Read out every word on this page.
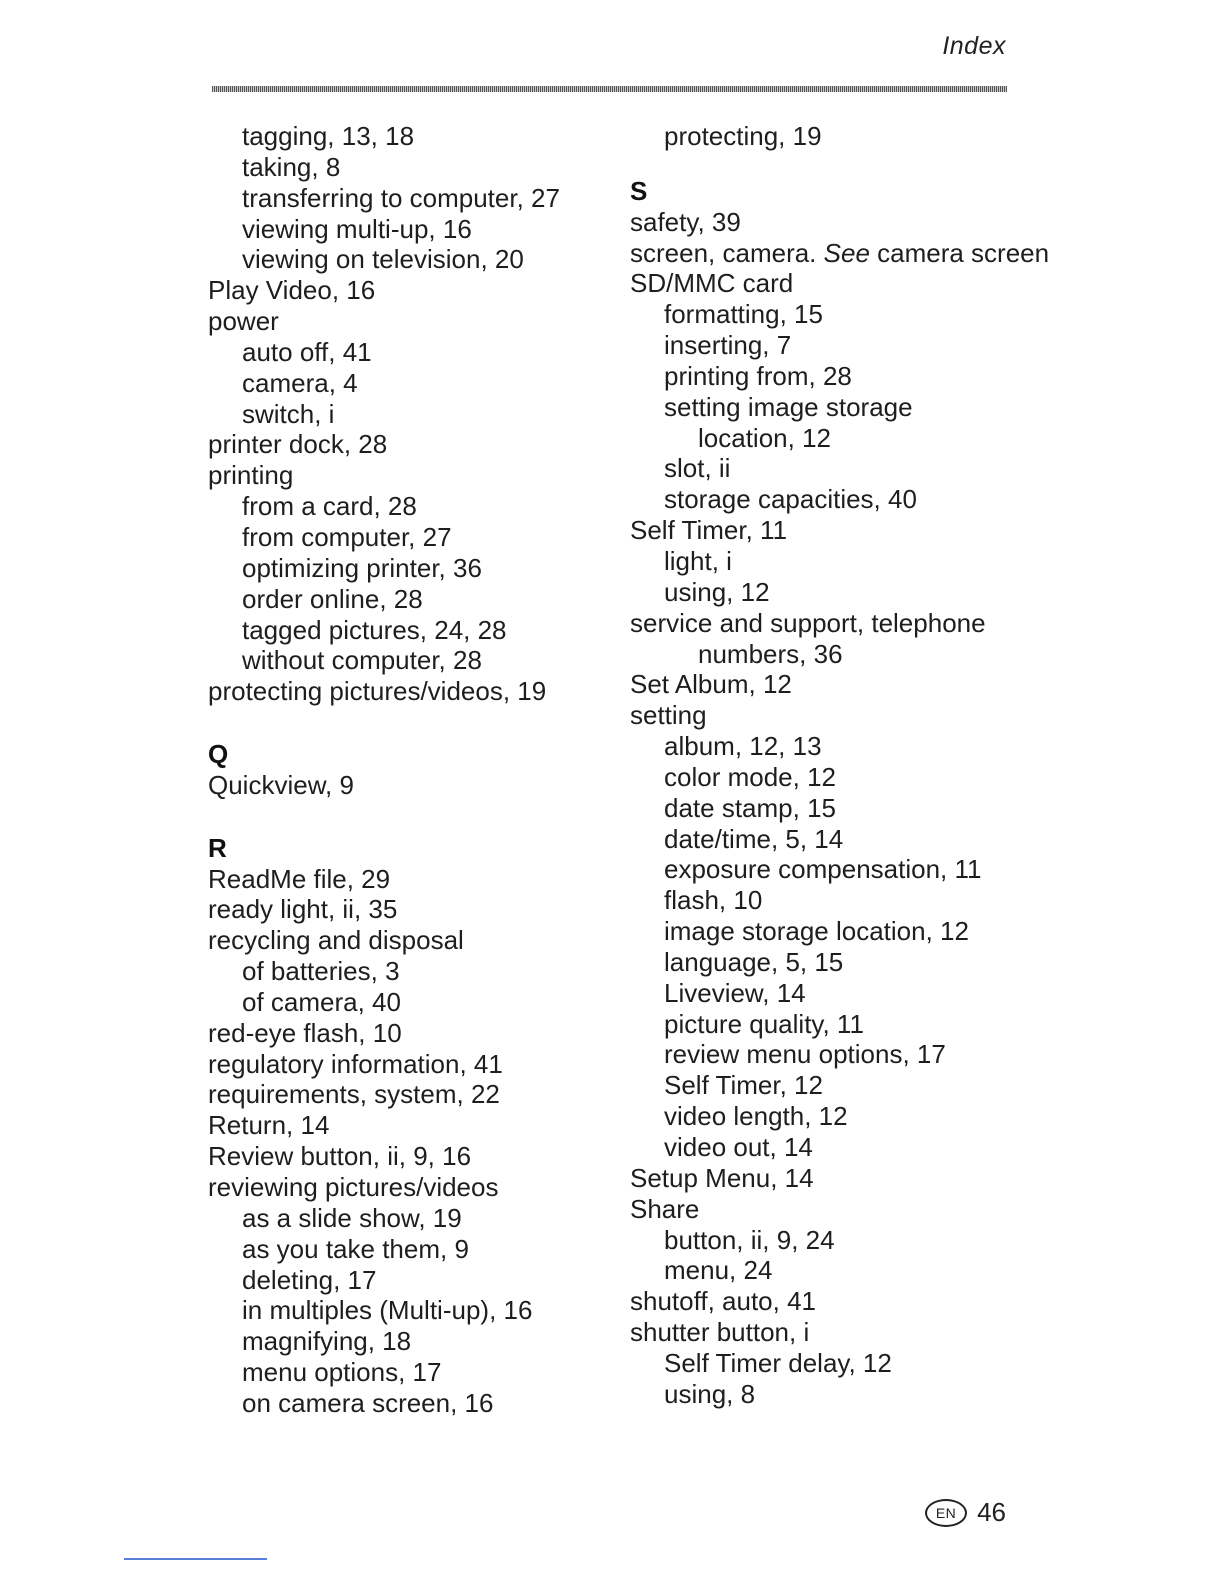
Index
tagging, 13, 18
taking, 8
transferring to computer, 27
viewing multi-up, 16
viewing on television, 20
Play Video, 16
power
auto off, 41
camera, 4
switch, i
printer dock, 28
printing
from a card, 28
from computer, 27
optimizing printer, 36
order online, 28
tagged pictures, 24, 28
without computer, 28
protecting pictures/videos, 19
Q
Quickview, 9
R
ReadMe file, 29
ready light, ii, 35
recycling and disposal
of batteries, 3
of camera, 40
red-eye flash, 10
regulatory information, 41
requirements, system, 22
Return, 14
Review button, ii, 9, 16
reviewing pictures/videos
as a slide show, 19
as you take them, 9
deleting, 17
in multiples (Multi-up), 16
magnifying, 18
menu options, 17
on camera screen, 16
protecting, 19
S
safety, 39
screen, camera. See camera screen
SD/MMC card
formatting, 15
inserting, 7
printing from, 28
setting image storage
location, 12
slot, ii
storage capacities, 40
Self Timer, 11
light, i
using, 12
service and support, telephone
numbers, 36
Set Album, 12
setting
album, 12, 13
color mode, 12
date stamp, 15
date/time, 5, 14
exposure compensation, 11
flash, 10
image storage location, 12
language, 5, 15
Liveview, 14
picture quality, 11
review menu options, 17
Self Timer, 12
video length, 12
video out, 14
Setup Menu, 14
Share
button, ii, 9, 24
menu, 24
shutoff, auto, 41
shutter button, i
Self Timer delay, 12
using, 8
EN 46
